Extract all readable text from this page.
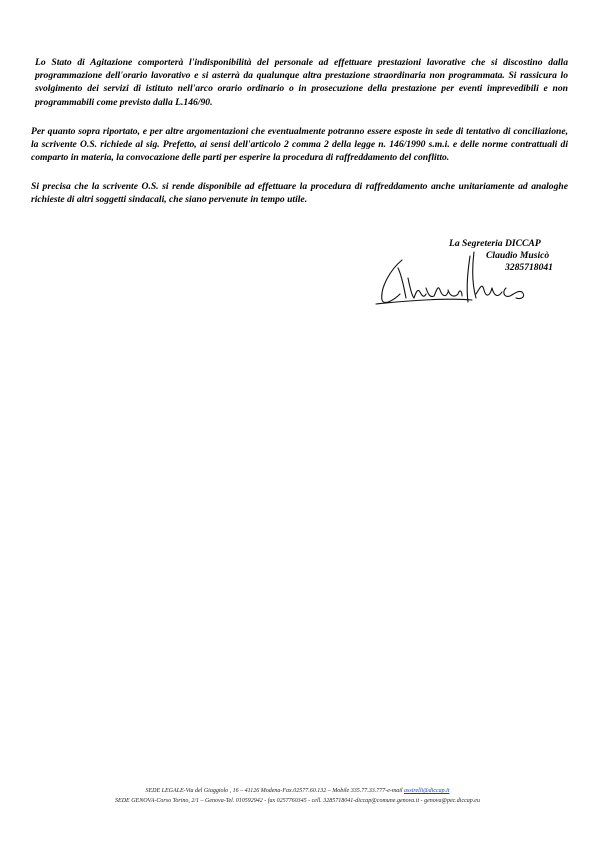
Lo Stato di Agitazione comporterà l'indisponibilità del personale ad effettuare prestazioni lavorative che si discostino dalla programmazione dell'orario lavorativo e si asterrà da qualunque altra prestazione straordinaria non programmata. Si rassicura lo svolgimento dei servizi di istituto nell'arco orario ordinario o in prosecuzione della prestazione per eventi imprevedibili e non programmabili come previsto dalla L.146/90.
Per quanto sopra riportato, e per altre argomentazioni che eventualmente potranno essere esposte in sede di tentativo di conciliazione, la scrivente O.S. richiede al sig. Prefetto, ai sensi dell'articolo 2 comma 2 della legge n. 146/1990 s.m.i. e delle norme contrattuali di comparto in materia, la convocazione delle parti per esperire la procedura di raffreddamento del conflitto.
Si precisa che la scrivente O.S. si rende disponibile ad effettuare la procedura di raffreddamento anche unitariamente ad analoghe richieste di altri soggetti sindacali, che siano pervenute in tempo utile.
La Segreteria DICCAP
Claudio Musicò
3285718041
SEDE LEGALE-Via del Giaggiolo , 16 – 41126 Modena-Fax.02577.60.132 – Mobile 335.77.33.777-e-mail assirelli@diccap.it
SEDE GENOVA-Corso Torino, 2/1 – Genova-Tel. 010592942 - fax 0257760345 - cell. 3285718041-diccap@comune.genova.it - genova@pec.diccap.eu
